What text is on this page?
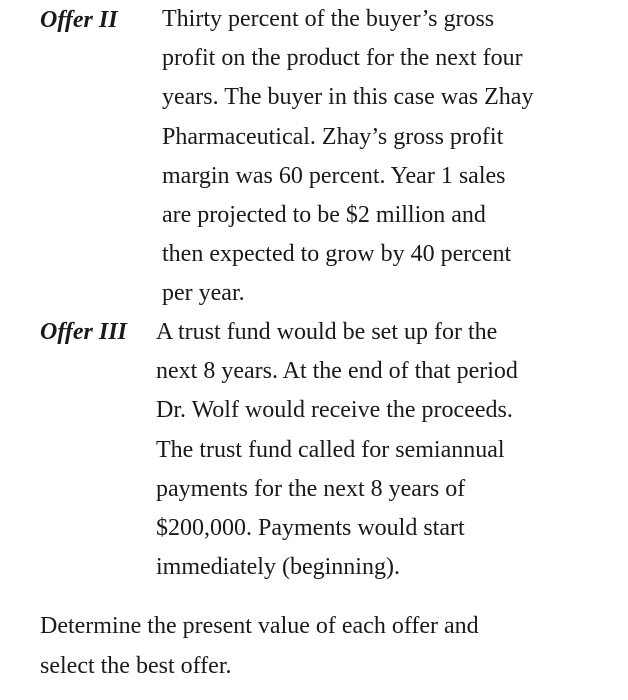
Offer II Thirty percent of the buyer’s gross
profit on the product for the next four
years. The buyer in this case was Zhay
Pharmaceutical. Zhay’s gross profit
margin was 60 percent. Year 1 sales
are projected to be $2 million and
then expected to grow by 40 percent
per year.
Offer III A trust fund would be set up for the
next 8 years. At the end of that period
Dr. Wolf would receive the proceeds.
The trust fund called for semiannual
payments for the next 8 years of
$200,000. Payments would start
immediately (beginning).
Determine the present value of each offer and
select the best offer.
